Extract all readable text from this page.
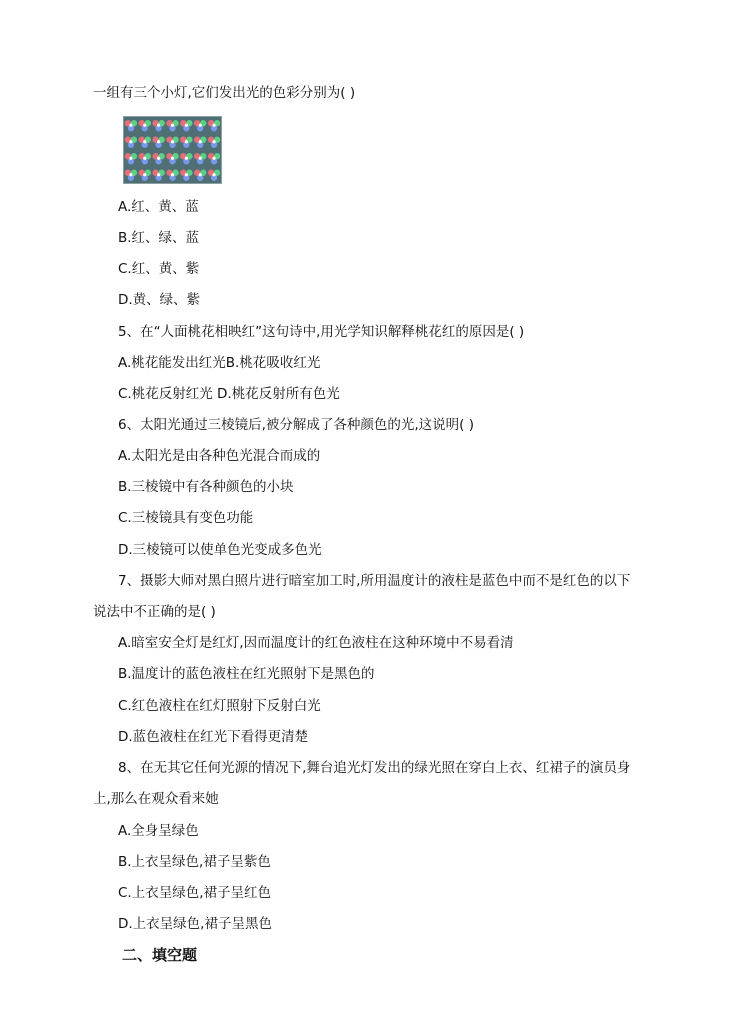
一组有三个小灯,它们发出光的色彩分别为( )
A.红、黄、蓝
B.红、绿、蓝
C.红、黄、紫
D.黄、绿、紫
5、在“人面桃花相映红”这句诗中,用光学知识解释桃花红的原因是( )
A.桃花能发出红光B.桃花吸收红光
C.桃花反射红光 D.桃花反射所有色光
6、太阳光通过三棱镜后,被分解成了各种颜色的光,这说明( )
A.太阳光是由各种色光混合而成的
B.三棱镜中有各种颜色的小块
C.三棱镜具有变色功能
D.三棱镜可以使单色光变成多色光
7、摄影大师对黑白照片进行暗室加工时,所用温度计的液柱是蓝色中而不是红色的以下
说法中不正确的是( )
A.暗室安全灯是红灯,因而温度计的红色液柱在这种环境中不易看清
B.温度计的蓝色液柱在红光照射下是黑色的
C.红色液柱在红灯照射下反射白光
D.蓝色液柱在红光下看得更清楚
8、在无其它任何光源的情况下,舞台追光灯发出的绿光照在穿白上衣、红裙子的演员身
上,那么在观众看来她
A.全身呈绿色
B.上衣呈绿色,裙子呈紫色
C.上衣呈绿色,裙子呈红色
D.上衣呈绿色,裙子呈黑色
二、填空题
